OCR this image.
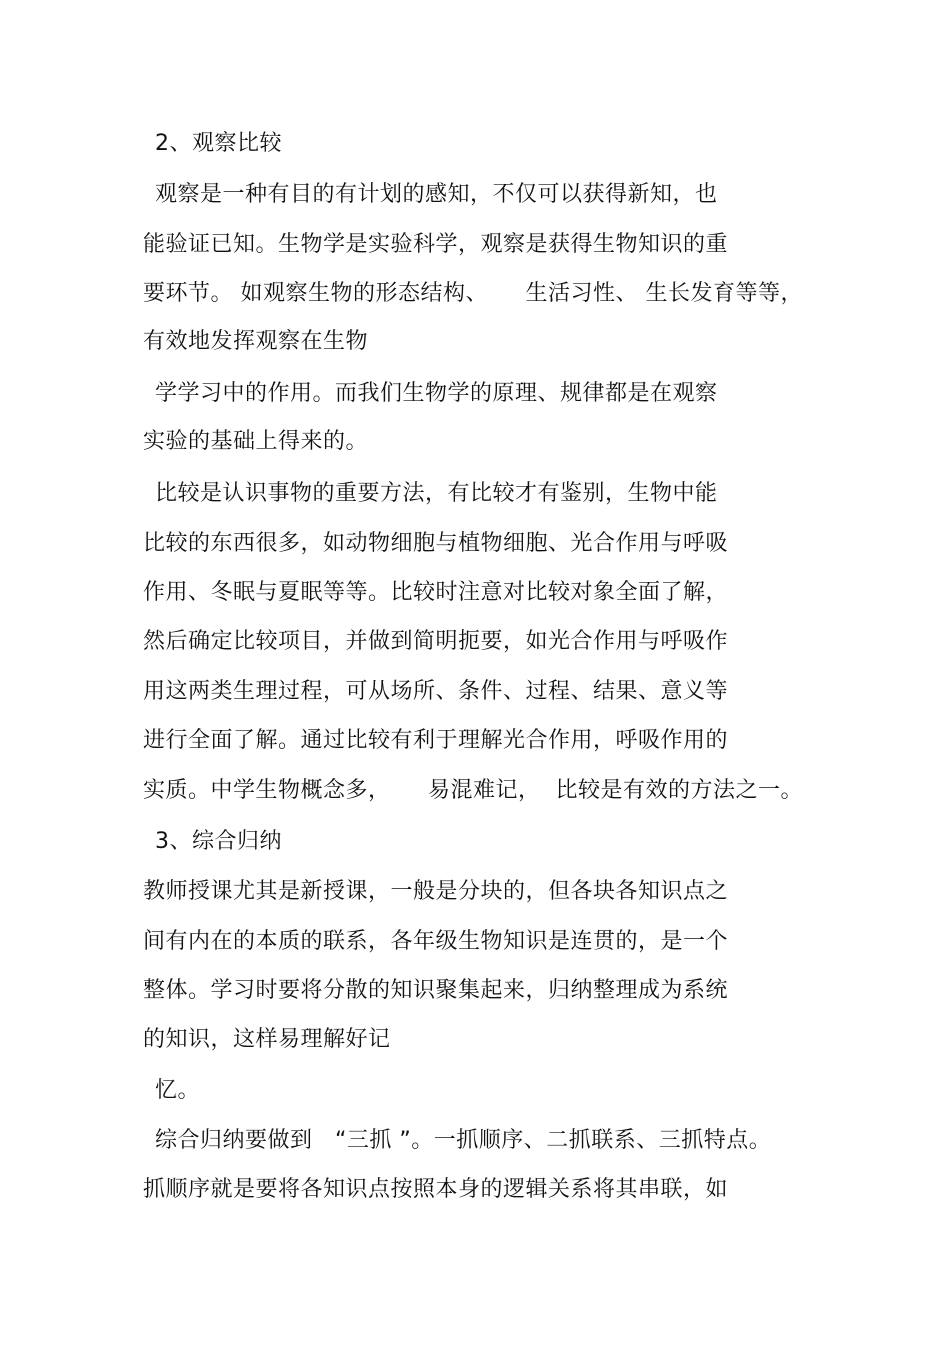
2、观察比较
观察是一种有目的有计划的感知，不仅可以获得新知，也
能验证已知。生物学是实验科学，观察是获得生物知识的重
要环节。 如观察生物的形态结构、     生活习性、 生长发育等等，
有效地发挥观察在生物
学学习中的作用。而我们生物学的原理、规律都是在观察
实验的基础上得来的。
比较是认识事物的重要方法，有比较才有鉴别，生物中能
比较的东西很多，如动物细胞与植物细胞、光合作用与呼吸
作用、冬眠与夏眠等等。比较时注意对比较对象全面了解，
然后确定比较项目，并做到简明扼要，如光合作用与呼吸作
用这两类生理过程，可从场所、条件、过程、结果、意义等
进行全面了解。通过比较有利于理解光合作用，呼吸作用的
实质。中学生物概念多，     易混难记，  比较是有效的方法之一。
3、综合归纳
教师授课尤其是新授课，一般是分块的，但各块各知识点之
间有内在的本质的联系，各年级生物知识是连贯的，是一个
整体。学习时要将分散的知识聚集起来，归纳整理成为系统
的知识，这样易理解好记
忆。
综合归纳要做到   “三抓 ”。一抓顺序、二抓联系、三抓特点。
抓顺序就是要将各知识点按照本身的逻辑关系将其串联，如
